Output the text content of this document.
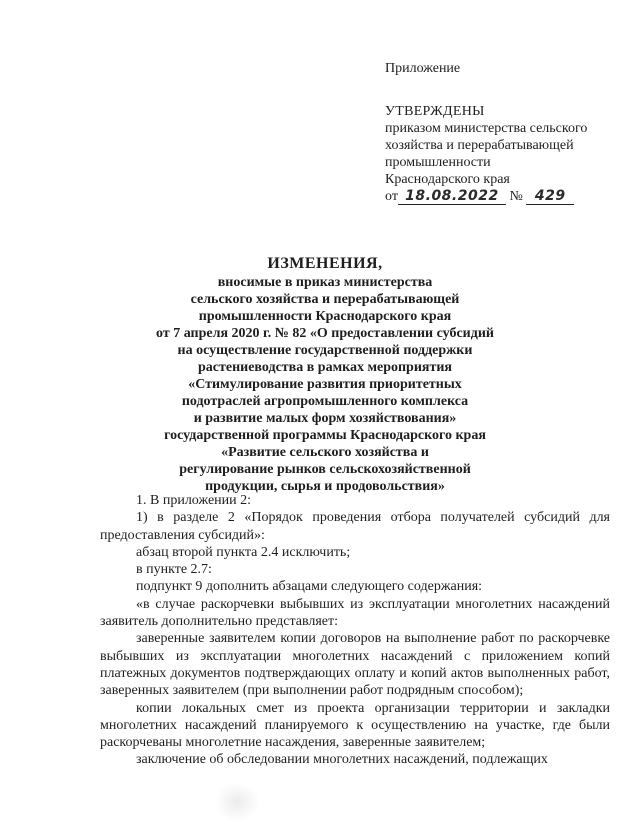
Приложение
УТВЕРЖДЕНЫ
приказом министерства сельского
хозяйства и перерабатывающей
промышленности
Краснодарского края
от 18.08.2022 № 429
ИЗМЕНЕНИЯ,
вносимые в приказ министерства
сельского хозяйства и перерабатывающей
промышленности Краснодарского края
от 7 апреля 2020 г. № 82 «О предоставлении субсидий
на осуществление государственной поддержки
растениеводства в рамках мероприятия
«Стимулирование развития приоритетных
подотраслей агропромышленного комплекса
и развитие малых форм хозяйствования»
государственной программы Краснодарского края
«Развитие сельского хозяйства и
регулирование рынков сельскохозяйственной
продукции, сырья и продовольствия»

1. В приложении 2:

1) в разделе 2 «Порядок проведения отбора получателей субсидий для предоставления субсидий»:

абзац второй пункта 2.4 исключить;

в пункте 2.7:

подпункт 9 дополнить абзацами следующего содержания:

«в случае раскорчевки выбывших из эксплуатации многолетних насаждений заявитель дополнительно представляет:

заверенные заявителем копии договоров на выполнение работ по раскорчевке выбывших из эксплуатации многолетних насаждений с приложением копий платежных документов подтверждающих оплату и копий актов выполненных работ, заверенных заявителем (при выполнении работ подрядным способом);

копии локальных смет из проекта организации территории и закладки многолетних насаждений планируемого к осуществлению на участке, где были раскорчеваны многолетние насаждения, заверенные заявителем;

заключение об обследовании многолетних насаждений, подлежащих
